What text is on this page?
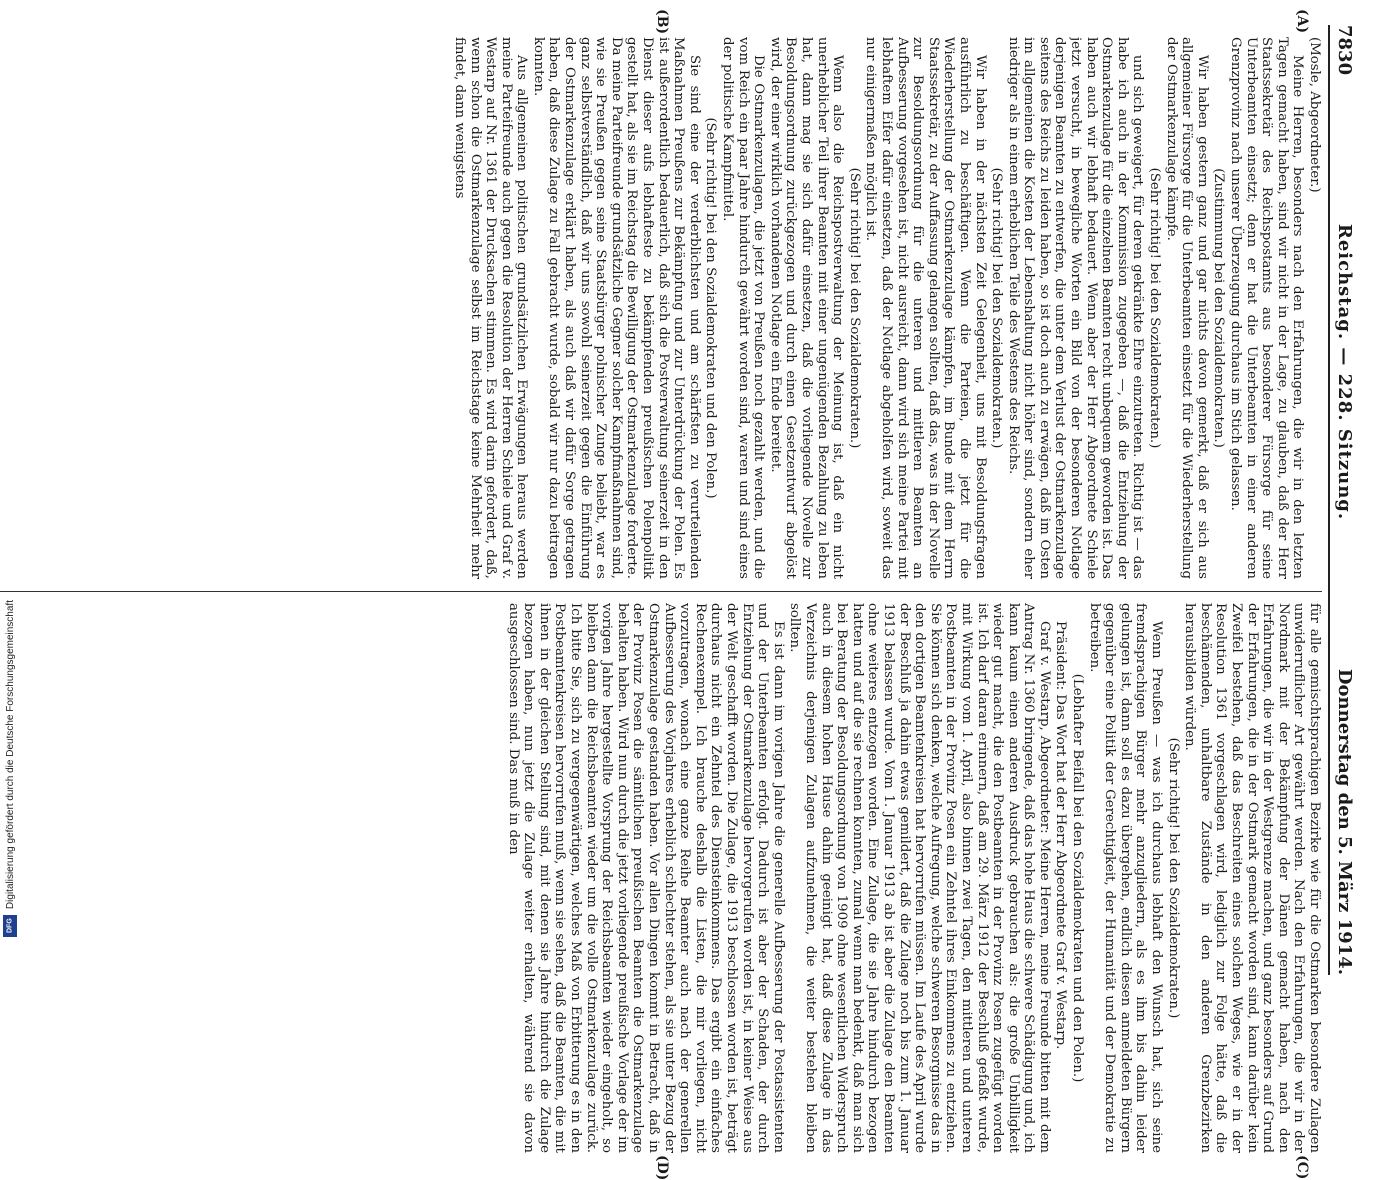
7830
Reichstag. — 228. Sitzung.
Donnerstag den 5. März 1914.
(A)
(B)
(C)
(D)

(Mosle, Abgeordneter.)

Meine Herren, besonders nach den Erfahrungen, die wir in den letzten Tagen gemacht haben, sind wir nicht in der Lage, zu glauben, daß der Herr Staatssekretär des Reichspostamts aus besonderer Fürsorge für seine Unterbeamten einsetzt; denn er hat die Unterbeamten in einer anderen Grenzprovinz nach unserer Überzeugung durchaus im Stich gelassen.

(Zustimmung bei den Sozialdemokraten.)

Wir haben gestern ganz und gar nichts davon gemerkt, daß er sich aus allgemeiner Fürsorge für die Unterbeamten einsetzt für die Wiederherstellung der Ostmarkenzulage kämpfe.

(Sehr richtig! bei den Sozialdemokraten.)

und sich geweigert, für deren gekränkte Ehre einzutreten. Richtig ist — das habe ich auch in der Kommission zugegeben —, daß die Entziehung der Ostmarkenzulage für die einzelnen Beamten recht unbequem geworden ist. Das haben auch wir lebhaft bedauert. Wenn aber der Herr Abgeordnete Schiele jetzt versucht, in bewegliche Worten ein Bild von der besonderen Notlage derjenigen Beamten zu entwerfen, die unter dem Verlust der Ostmarkenzulage seitens des Reichs zu leiden haben, so ist doch auch zu erwägen, daß im Osten im allgemeinen die Kosten der Lebenshaltung nicht höher sind, sondern eher niedriger als in einem erheblichen Teile des Westens des Reichs.

(Sehr richtig! bei den Sozialdemokraten.)

Wir haben in der nächsten Zeit Gelegenheit, uns mit Besoldungsfragen ausführlich zu beschäftigen. Wenn die Parteien, die jetzt für die Wiederherstellung der Ostmarkenzulage kämpfen, im Bunde mit dem Herrn Staatssekretär, zu der Auffassung gelangen sollten, daß das, was in der Novelle zur Besoldungsordnung für die unteren und mittleren Beamten an Aufbesserung vorgesehen ist, nicht ausreicht, dann wird sich meine Partei mit lebhaftem Eifer dafür einsetzen, daß der Notlage abgeholfen wird, soweit das nur einigermaßen möglich ist.

(Sehr richtig! bei den Sozialdemokraten.)

Wenn also die Reichspostverwaltung der Meinung ist, daß ein nicht unerheblicher Teil ihrer Beamten mit einer ungenügenden Bezahlung zu leben hat, dann mag sie sich dafür einsetzen, daß die vorliegende Novelle zur Besoldungsordnung zurückgezogen und durch einen Gesetzentwurf abgelöst wird, der einer wirklich vorhandenen Notlage ein Ende bereitet.

Die Ostmarkenzulagen, die jetzt von Preußen noch gezahlt werden, und die vom Reich ein paar Jahre hindurch gewährt worden sind, waren und sind eines der politische Kampfmittel.

(Sehr richtig! bei den Sozialdemokraten und den Polen.)

Sie sind eine der verderblichsten und am schärfsten zu verurteilenden Maßnahmen Preußens zur Bekämpfung und zur Unterdrückung der Polen. Es ist außerordentlich bedauerlich, daß sich die Postverwaltung seinerzeit in den Dienst dieser aufs lebhafteste zu bekämpfenden preußischen Polenpolitik gestellt hat, als sie im Reichstag die Bewilligung der Ostmarkenzulage forderte. Da meine Parteifreunde grundsätzliche Gegner solcher Kampfmaßnahmen sind, wie sie Preußen gegen seine Staatsbürger polnischer Zunge beliebt, war es ganz selbstverständlich, daß wir uns sowohl seinerzeit gegen die Einführung der Ostmarkenzulage erklärt haben, als auch daß wir dafür Sorge getragen haben, daß diese Zulage zu Fall gebracht wurde, sobald wir nur dazu beitragen konnten.

Aus allgemeinen politischen grundsätzlichen Erwägungen heraus werden meine Parteifreunde auch gegen die Resolution der Herren Schiele und Graf v. Westarp auf Nr. 1361 der Drucksachen stimmen. Es wird darin gefordert, daß, wenn schon die Ostmarkenzulage selbst im Reichstage keine Mehrheit mehr findet, dann wenigstens

für alle gemischtsprachigen Bezirke wie für die Ostmarken besondere Zulagen unwiderruflicher Art gewährt werden. Nach den Erfahrungen, die wir in der Nordmark mit der Bekämpfung der Dänen gemacht haben, nach den Erfahrungen, die wir in der Westgrenze machen, und ganz besonders auf Grund der Erfahrungen, die in der Ostmark gemacht worden sind, kann darüber kein Zweifel bestehen, daß das Beschreiten eines solchen Weges, wie er in der Resolution 1361 vorgeschlagen wird, lediglich zur Folge hätte, daß die beschämenden, unhaltbare Zustände in den anderen Grenzbezirken herausbilden würden.

(Sehr richtig! bei den Sozialdemokraten.)

Wenn Preußen — was ich durchaus lebhaft den Wunsch hat, sich seine fremdsprachigen Bürger mehr anzugliedern, als es ihm bis dahin leider gelungen ist, dann soll es dazu übergehen, endlich diesen anmeldeten Bürgern gegenüber eine Politik der Gerechtigkeit, der Humanität und der Demokratie zu betreiben.

(Lebhafter Beifall bei den Sozialdemokraten und den Polen.)

Präsident: Das Wort hat der Herr Abgeordnete Graf v. Westarp.

Graf v. Westarp, Abgeordneter: Meine Herren, meine Freunde bitten mit dem Antrag Nr. 1360 bringende, daß das hohe Haus die schwere Schädigung und, ich kann kaum einen anderen Ausdruck gebrauchen als: die große Unbilligkeit wieder gut macht, die den Postbeamten in der Provinz Posen zugefügt worden ist. Ich darf daran erinnern, daß am 29. März 1912 der Beschluß gefaßt wurde, mit Wirkung vom 1. April, also binnen zwei Tagen, den mittleren und unteren Postbeamten in der Provinz Posen ein Zehntel ihres Einkommens zu entziehen. Sie können sich denken, welche Aufregung, welche schweren Besorgnisse das in den dortigen Beamtenkreisen hat hervorrufen müssen. Im Laufe des April wurde der Beschluß ja dahin etwas gemildert, daß die Zulage noch bis zum 1. Januar 1913 belassen wurde. Vom 1. Januar 1913 ab ist aber die Zulage den Beamten ohne weiteres entzogen worden. Eine Zulage, die sie Jahre hindurch bezogen hatten und auf die sie rechnen konnten, zumal wenn man bedenkt, daß man sich bei Beratung der Besoldungsordnung von 1909 ohne wesentlichen Widerspruch auch in diesem hohen Hause dahin geeinigt hat, daß diese Zulage in das Verzeichnis derjenigen Zulagen aufzunehmen, die weiter bestehen bleiben sollten.

Es ist dann im vorigen Jahre die generelle Aufbesserung der Postassistenten und der Unterbeamten erfolgt. Dadurch ist aber der Schaden, der durch Entziehung der Ostmarkenzulage hervorgerufen worden ist, in keiner Weise aus der Welt geschafft worden. Die Zulage, die 1913 beschlossen worden ist, beträgt durchaus nicht ein Zehntel des Diensteinkommens. Das ergibt ein einfaches Rechenexempel. Ich brauche deshalb die Listen, die mir vorliegen, nicht vorzutragen, wonach eine ganze Reihe Beamter auch nach der generellen Aufbesserung des Vorjahres erheblich schlechter stehen, als sie unter Bezug der Ostmarkenzulage gestanden haben. Vor allen Dingen kommt in Betracht, daß in der Provinz Posen die sämtlichen preußischen Beamten die Ostmarkenzulage behalten haben. Wird nun durch die jetzt vorliegende preußische Vorlage der im vorigen Jahre hergestellte Vorsprung der Reichsbeamten wieder eingeholt, so bleiben dann die Reichsbeamten wieder um die volle Ostmarkenzulage zurück. Ich bitte Sie, sich zu vergegenwärtigen, welches Maß von Erbitterung es in den Postbeamtenkreisen hervorrufen muß, wenn sie sehen, daß die Beamten, die mit ihnen in der gleichen Stellung sind, mit denen sie Jahre hindurch die Zulage bezogen haben, nun jetzt die Zulage weiter erhalten, während sie davon ausgeschlossen sind. Das muß in den

Digitalisierung gefördert durch die Deutsche Forschungsgemeinschaft
DFG
